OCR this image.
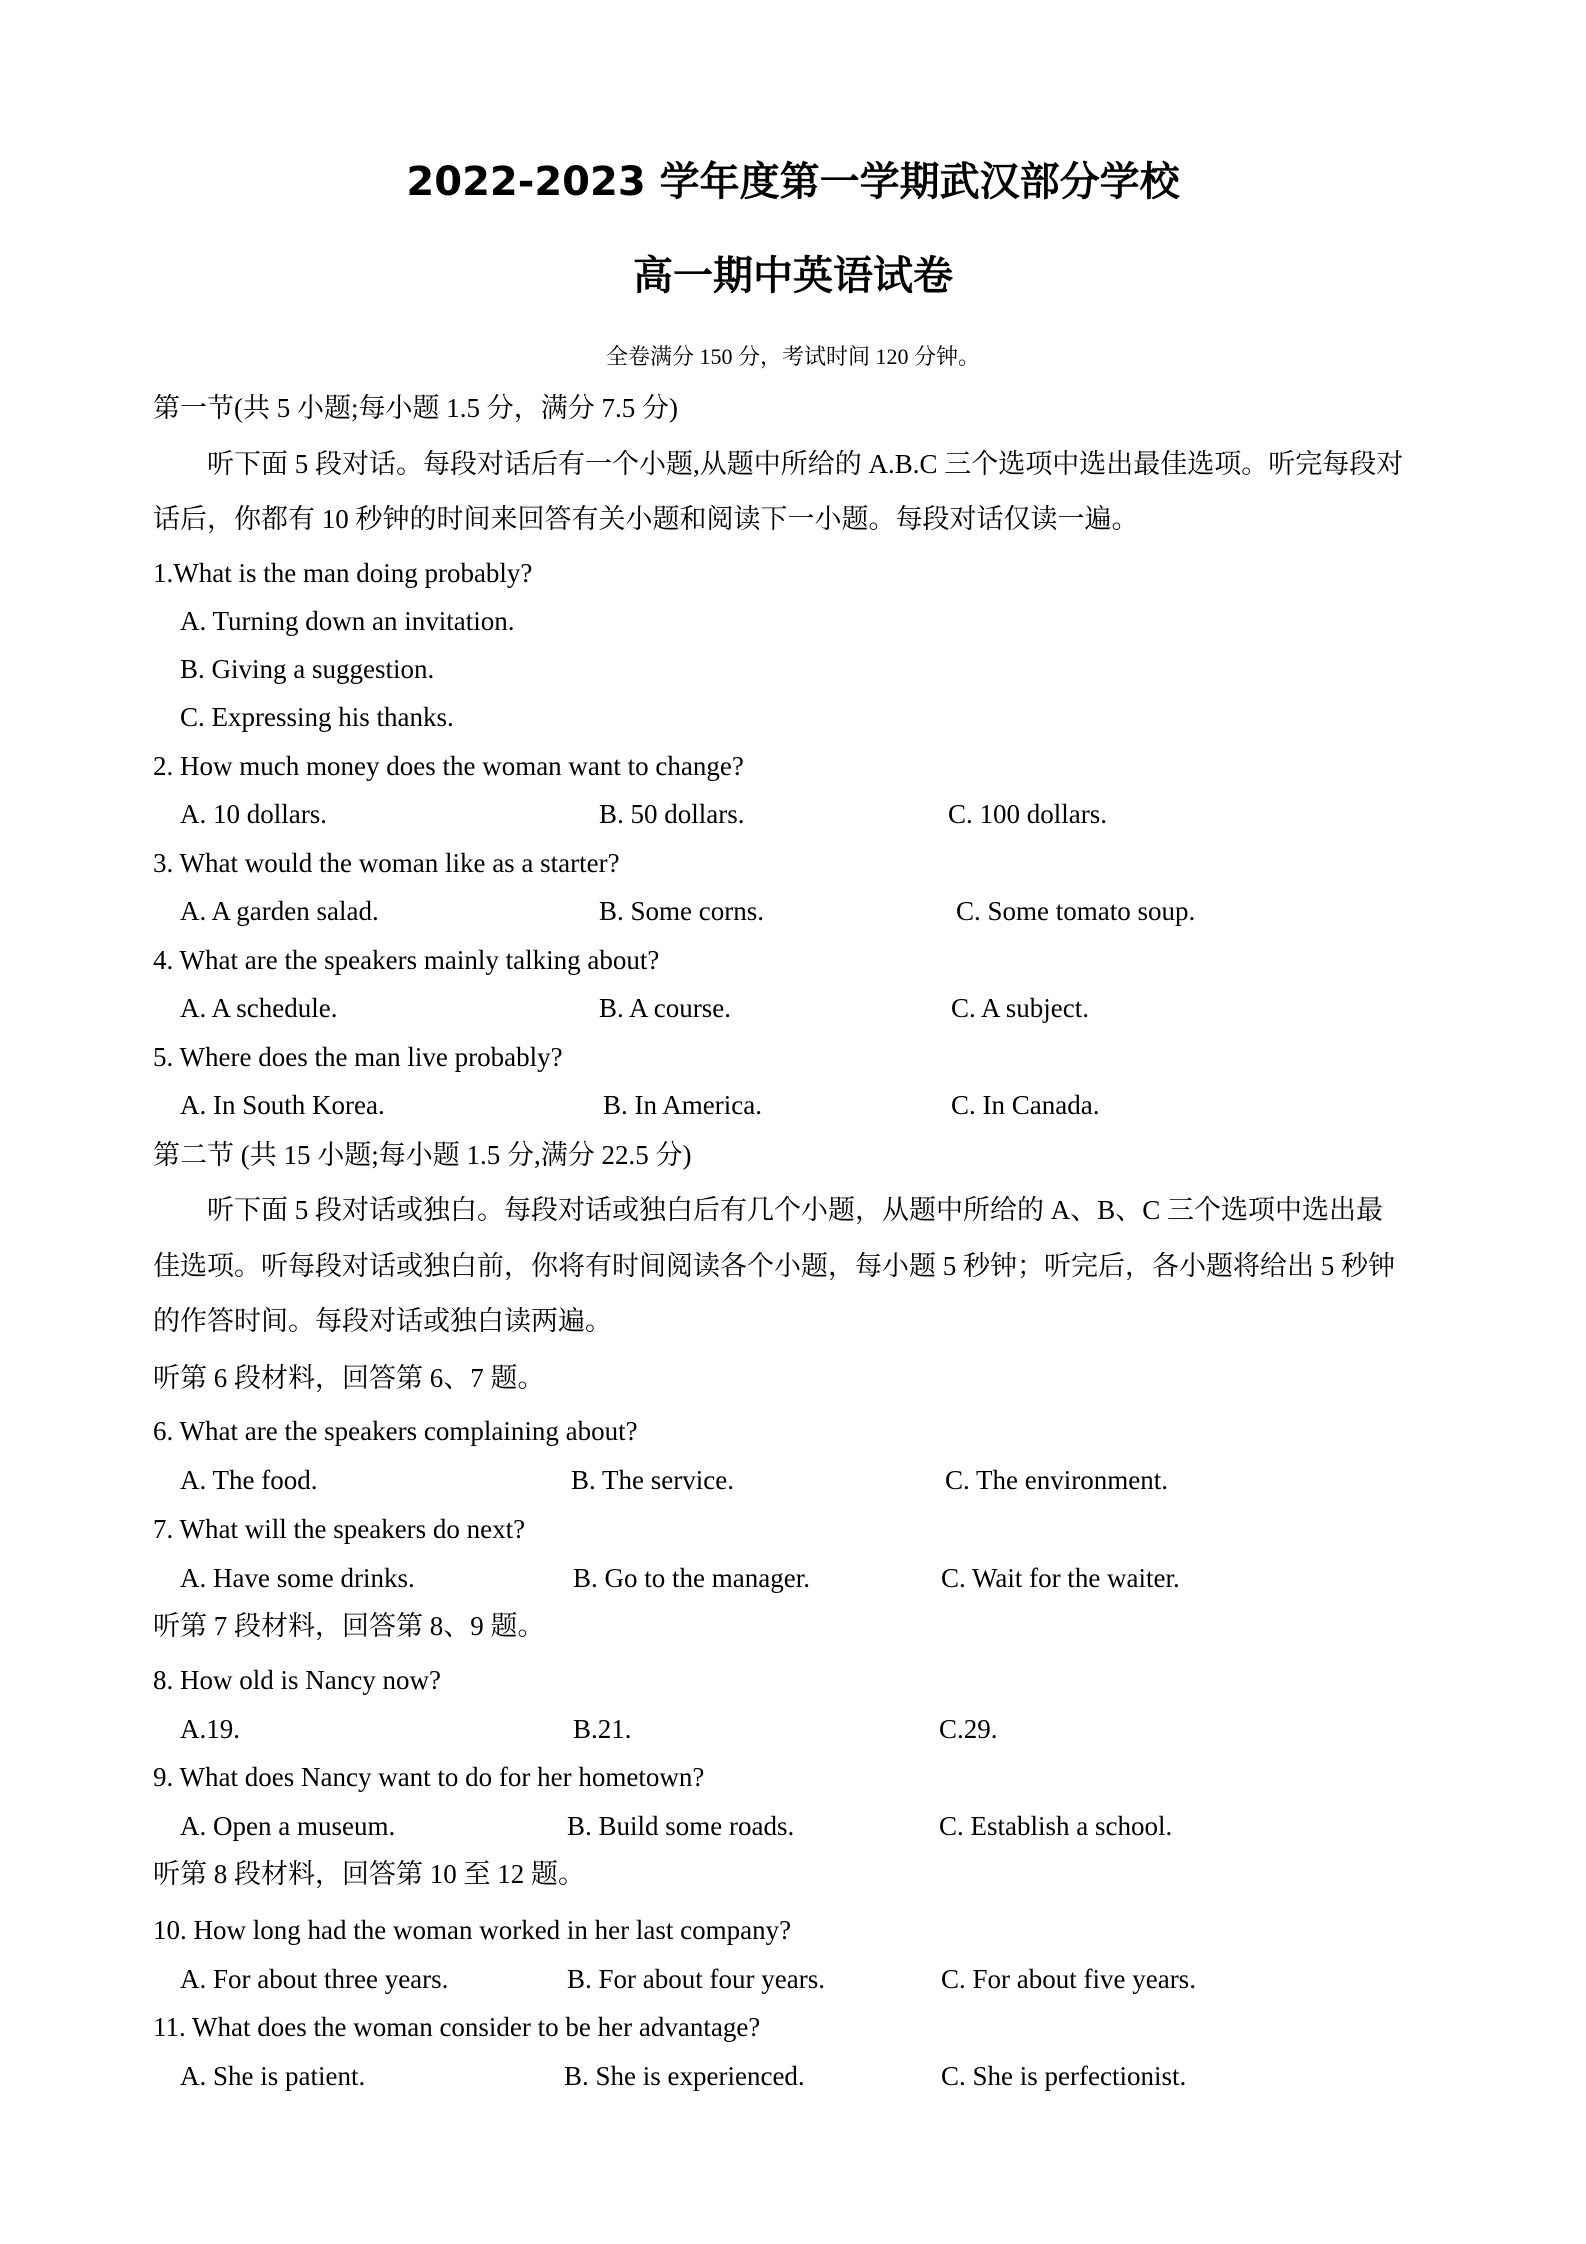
2022-2023 学年度第一学期武汉部分学校
高一期中英语试卷
全卷满分 150 分，考试时间 120 分钟。
第一节(共 5 小题;每小题 1.5 分，满分 7.5 分)
听下面 5 段对话。每段对话后有一个小题,从题中所给的 A.B.C 三个选项中选出最佳选项。听完每段对
话后，你都有 10 秒钟的时间来回答有关小题和阅读下一小题。每段对话仅读一遍。
1.What is the man doing probably?
A. Turning down an invitation.
B. Giving a suggestion.
C. Expressing his thanks.
2. How much money does the woman want to change?
A. 10 dollars.	B. 50 dollars.	C. 100 dollars.
3. What would the woman like as a starter?
A. A garden salad.	B. Some corns.	C. Some tomato soup.
4. What are the speakers mainly talking about?
A. A schedule.	B. A course.	C. A subject.
5. Where does the man live probably?
A. In South Korea.	B. In America.	C. In Canada.
第二节 (共 15 小题;每小题 1.5 分,满分 22.5 分)
听下面 5 段对话或独白。每段对话或独白后有几个小题，从题中所给的 A、B、C 三个选项中选出最
佳选项。听每段对话或独白前，你将有时间阅读各个小题，每小题 5 秒钟；听完后，各小题将给出 5 秒钟
的作答时间。每段对话或独白读两遍。
听第 6 段材料，回答第 6、7 题。
6. What are the speakers complaining about?
A. The food.	B. The service.	C. The environment.
7. What will the speakers do next?
A. Have some drinks.	B. Go to the manager.	C. Wait for the waiter.
听第 7 段材料，回答第 8、9 题。
8. How old is Nancy now?
A.19.	B.21.	C.29.
9. What does Nancy want to do for her hometown?
A. Open a museum.	B. Build some roads.	C. Establish a school.
听第 8 段材料，回答第 10 至 12 题。
10. How long had the woman worked in her last company?
A. For about three years.	B. For about four years.	C. For about five years.
11. What does the woman consider to be her advantage?
A. She is patient.	B. She is experienced.	C. She is perfectionist.
